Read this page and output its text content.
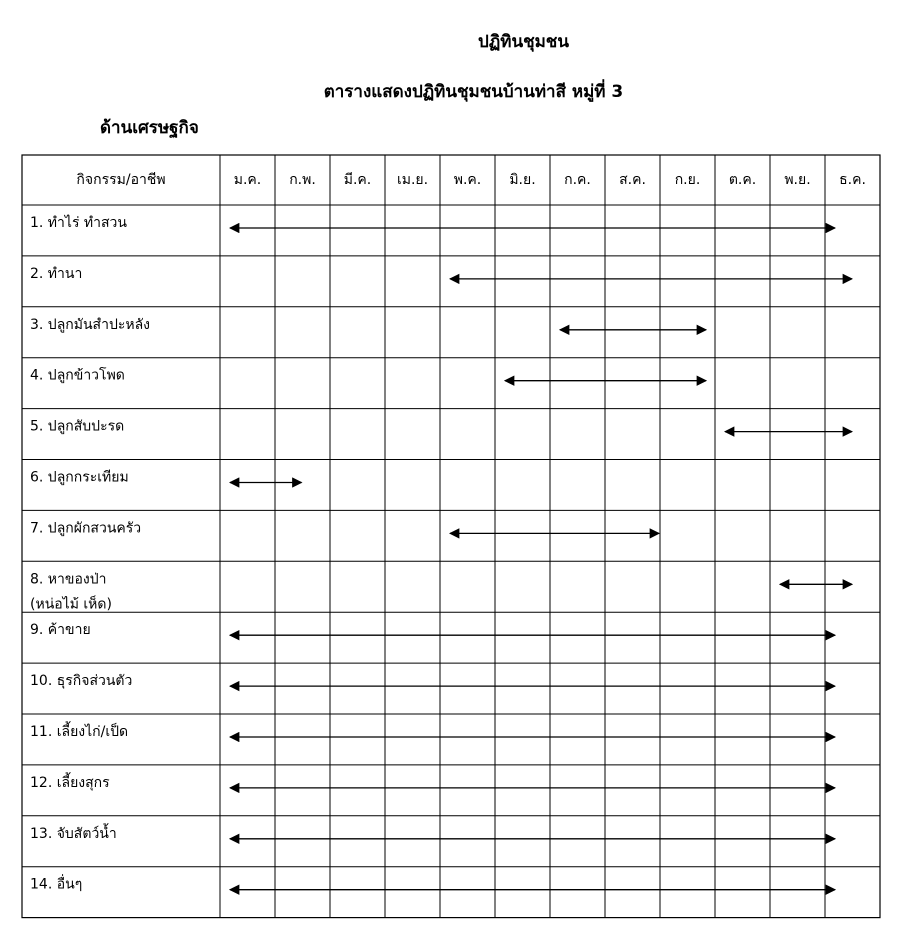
ปฏิทินชุมชน
ตารางแสดงปฏิทินชุมชนบ้านท่าสี หมู่ที่ 3
ด้านเศรษฐกิจ
กิจกรรม/อาชีพ	ม.ค. ก.พ. มี.ค. เม.ย. พ.ค. มิ.ย. ก.ค. ส.ค. ก.ย. ต.ค. พ.ย. ธ.ค.
1. ทำไร่ ทำสวน
2. ทำนา
3. ปลูกมันสำปะหลัง
4. ปลูกข้าวโพด
5. ปลูกสับปะรด
6. ปลูกกระเทียม
7. ปลูกผักสวนครัว
8. หาของป่า
(หน่อไม้ เห็ด)
9. ค้าขาย
10. ธุรกิจส่วนตัว
11. เลี้ยงไก่/เป็ด
12. เลี้ยงสุกร
13. จับสัตว์น้ำ
14. อื่นๆ
